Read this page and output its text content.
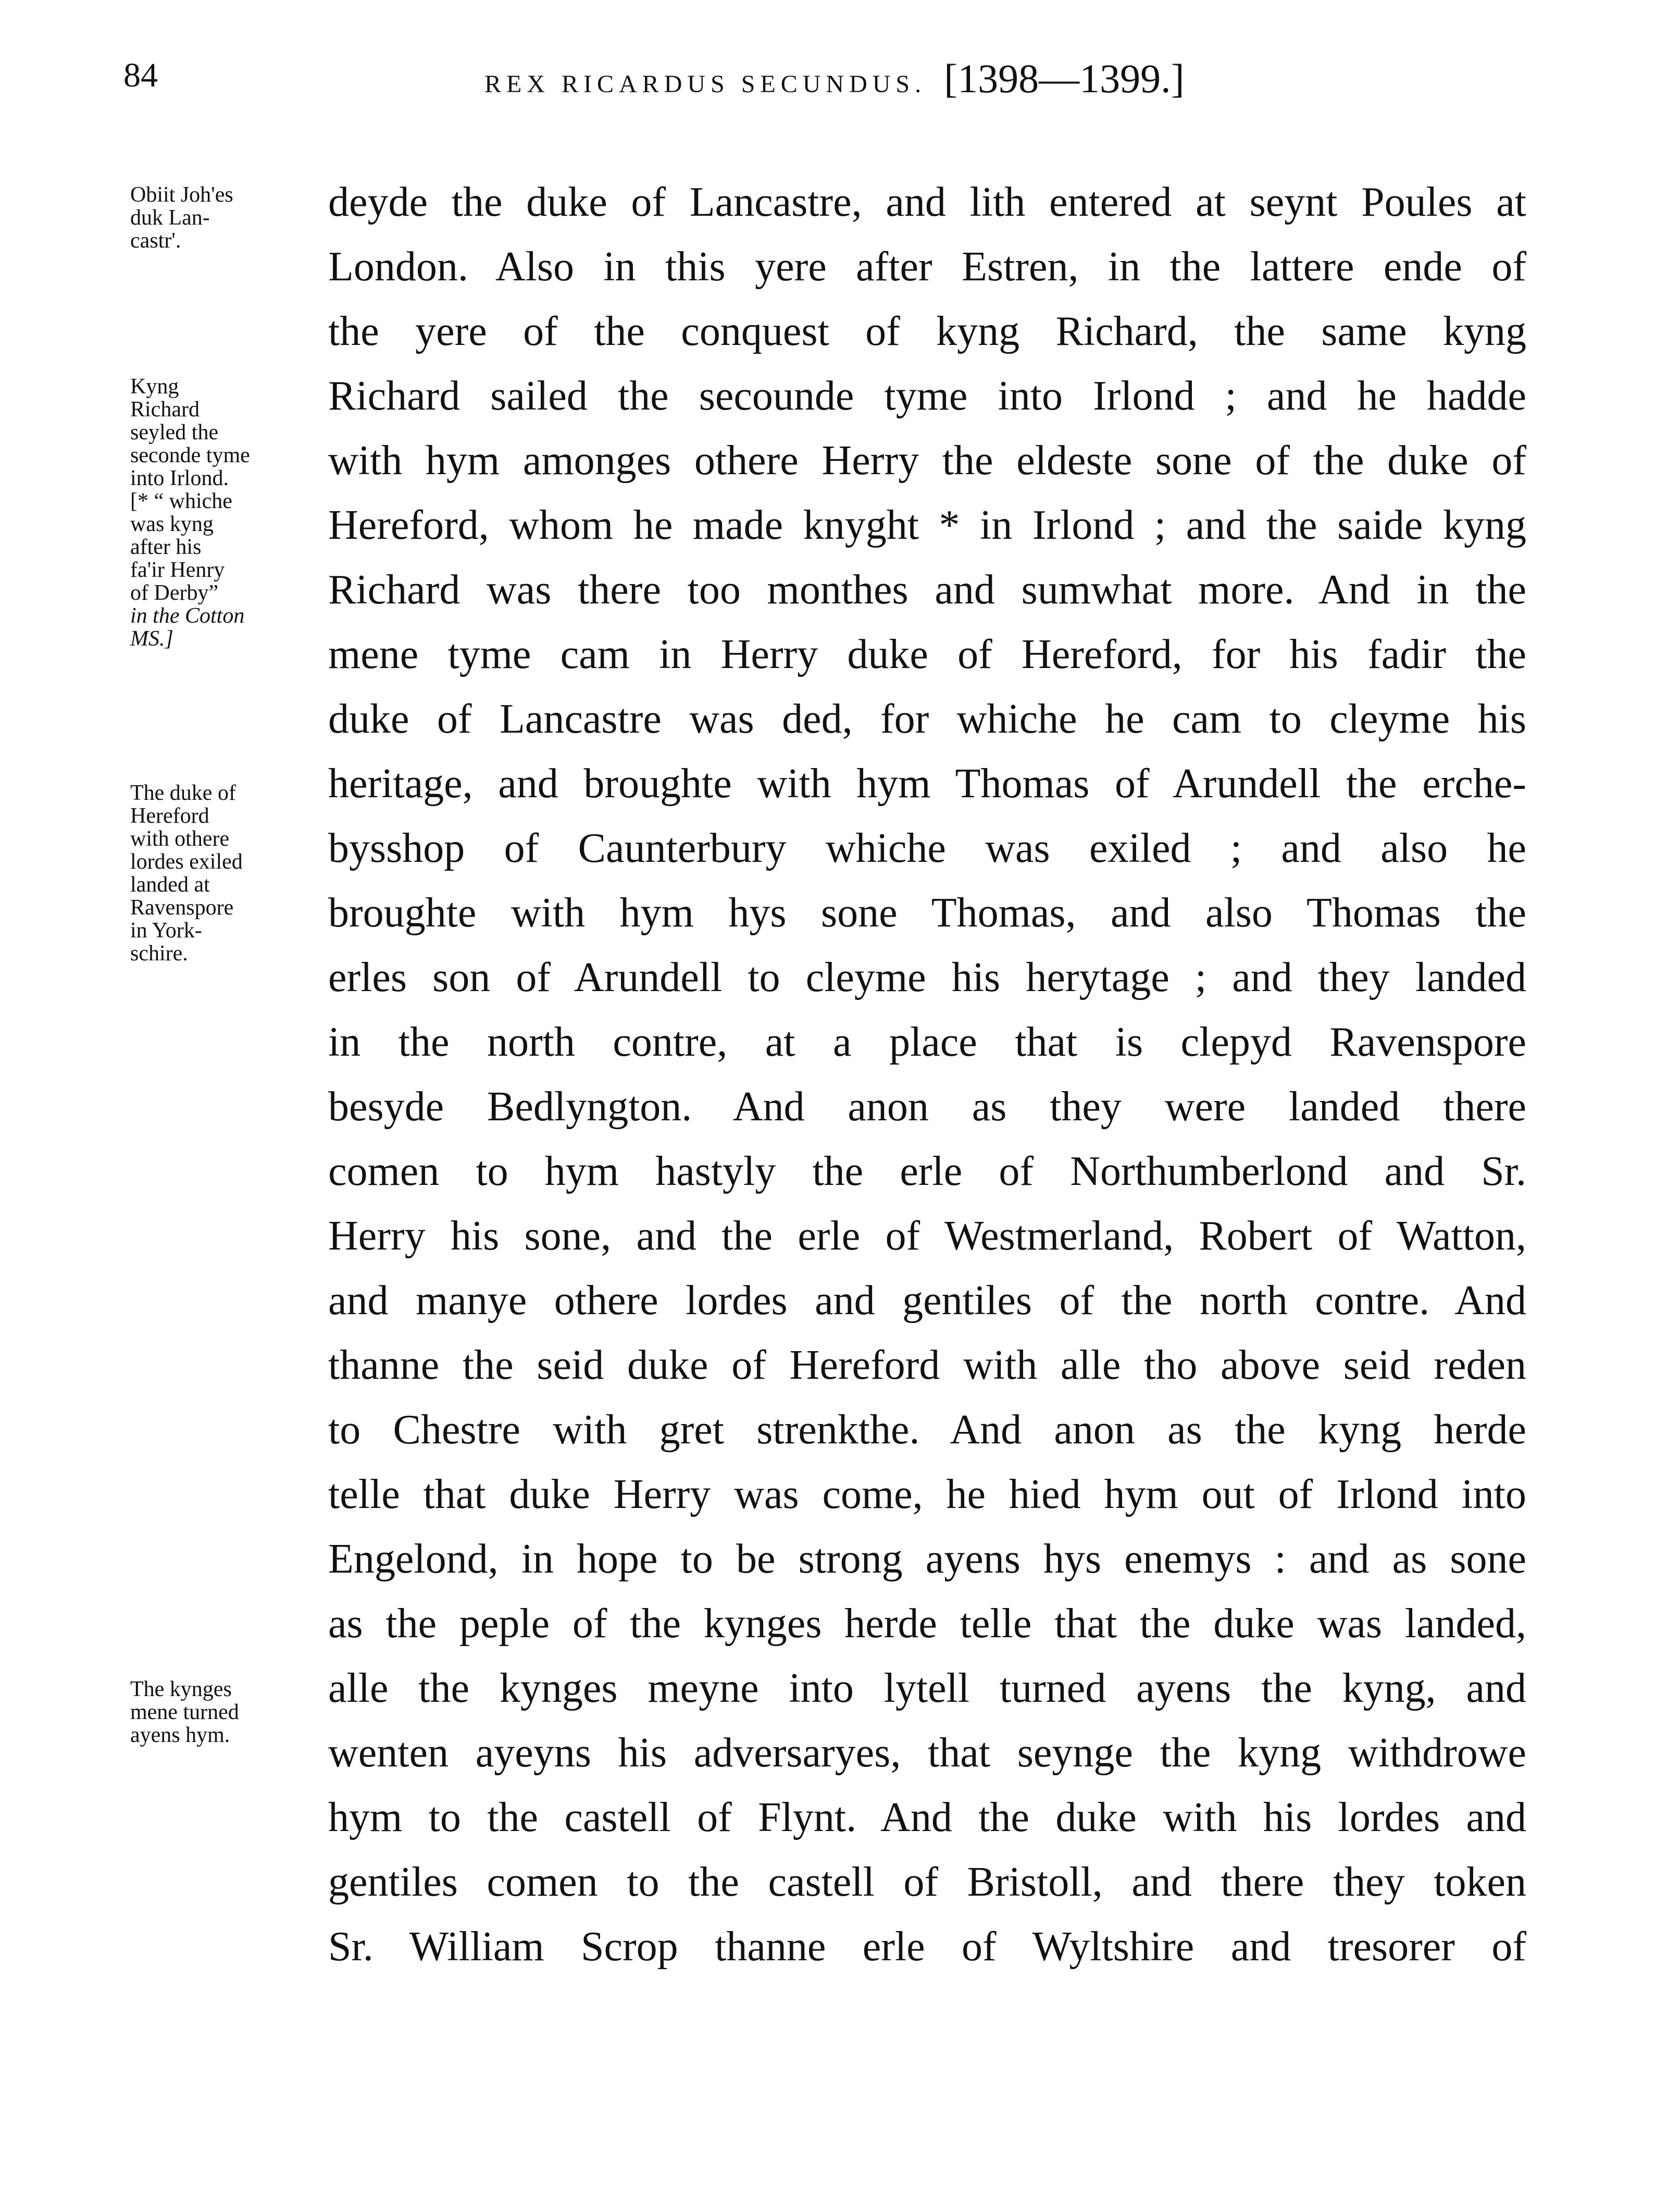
84	REX RICARDUS SECUNDUS. [1398—1399.]
deyde the duke of Lancastre, and lith entered at seynt Poules at
London. Also in this yere after Estren, in the lattere ende of
the yere of the conquest of kyng Richard, the same kyng
Richard sailed the secounde tyme into Irlond ; and he hadde
with hym amonges othere Herry the eldeste sone of the duke of
Hereford, whom he made knyght * in Irlond ; and the saide kyng
Richard was there too monthes and sumwhat more. And in the
mene tyme cam in Herry duke of Hereford, for his fadir the
duke of Lancastre was ded, for whiche he cam to cleyme his
heritage, and broughte with hym Thomas of Arundell the erche-
bysshop of Caunterbury whiche was exiled ; and also he
broughte with hym hys sone Thomas, and also Thomas the
erles son of Arundell to cleyme his herytage ; and they landed
in the north contre, at a place that is clepyd Ravenspore
besyde Bedlyngton. And anon as they were landed there
comen to hym hastyly the erle of Northumberlond and Sr.
Herry his sone, and the erle of Westmerland, Robert of Watton,
and manye othere lordes and gentiles of the north contre. And
thanne the seid duke of Hereford with alle tho above seid reden
to Chestre with gret strenkthe. And anon as the kyng herde
telle that duke Herry was come, he hied hym out of Irlond into
Engelond, in hope to be strong ayens hys enemys : and as sone
as the peple of the kynges herde telle that the duke was landed,
alle the kynges meyne into lytell turned ayens the kyng, and
wenten ayeyns his adversaryes, that seynge the kyng withdrowe
hym to the castell of Flynt. And the duke with his lordes and
gentiles comen to the castell of Bristoll, and there they token
Sr. William Scrop thanne erle of Wyltshire and tresorer of
Obiit Joh'es
duk Lan-
castr'.
Kyng
Richard
seyled the
seconde tyme
into Irlond.
[* “ whiche
was kyng
after his
fa'ir Henry
of Derby”
in the Cotton
MS.]
The duke of
Hereford
with othere
lordes exiled
landed at
Ravenspore
in York-
schire.
The kynges
mene turned
ayens hym.
